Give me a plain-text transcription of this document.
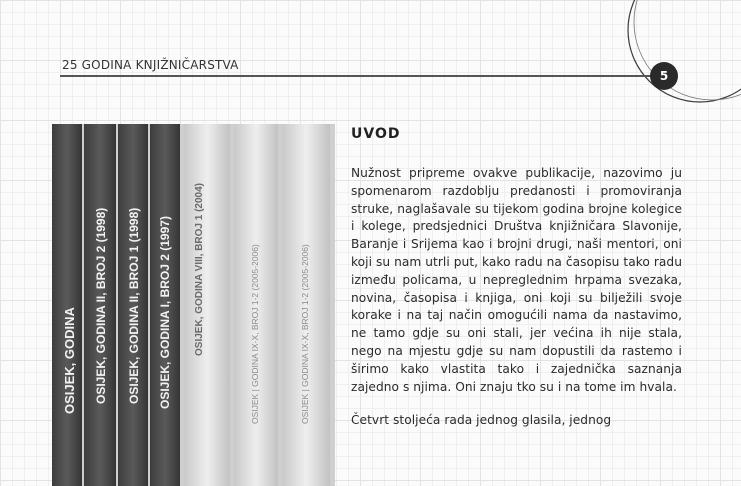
25 GODINA KNJIŽNIČARSTVA
5
OSIJEK, GODINA OSIJEK, GODINA II, BROJ 2 (1998) OSIJEK, GODINA II, BROJ 1 (1998) OSIJEK, GODINA I, BROJ 2 (1997) OSIJEK, GODINA VIII, BROJ 1 (2004)	OSIJEK | GODINA IX-X, BROJ 1-2 (2005-2006)	OSIJEK | GODINA IX-X, BROJ 1-2 (2005-2006)
UVOD

Nužnost pripreme ovakve publikacije, nazovimo ju spomenarom razdoblju predanosti i promoviranja struke, naglašavale su tijekom godina brojne kolegice i kolege, predsjednici Društva knjižničara Slavonije, Baranje i Srijema kao i brojni drugi, naši mentori, oni koji su nam utrli put, kako radu na časopisu tako radu između policama, u nepreglednim hrpama svezaka, novina, časopisa i knjiga, oni koji su bilježili svoje korake i na taj način omogućili nama da nastavimo, ne tamo gdje su oni stali, jer većina ih nije stala, nego na mjestu gdje su nam dopustili da rastemo i širimo kako vlastita tako i zajednička saznanja zajedno s njima. Oni znaju tko su i na tome im hvala.

Četvrt stoljeća rada jednog glasila, jednog
